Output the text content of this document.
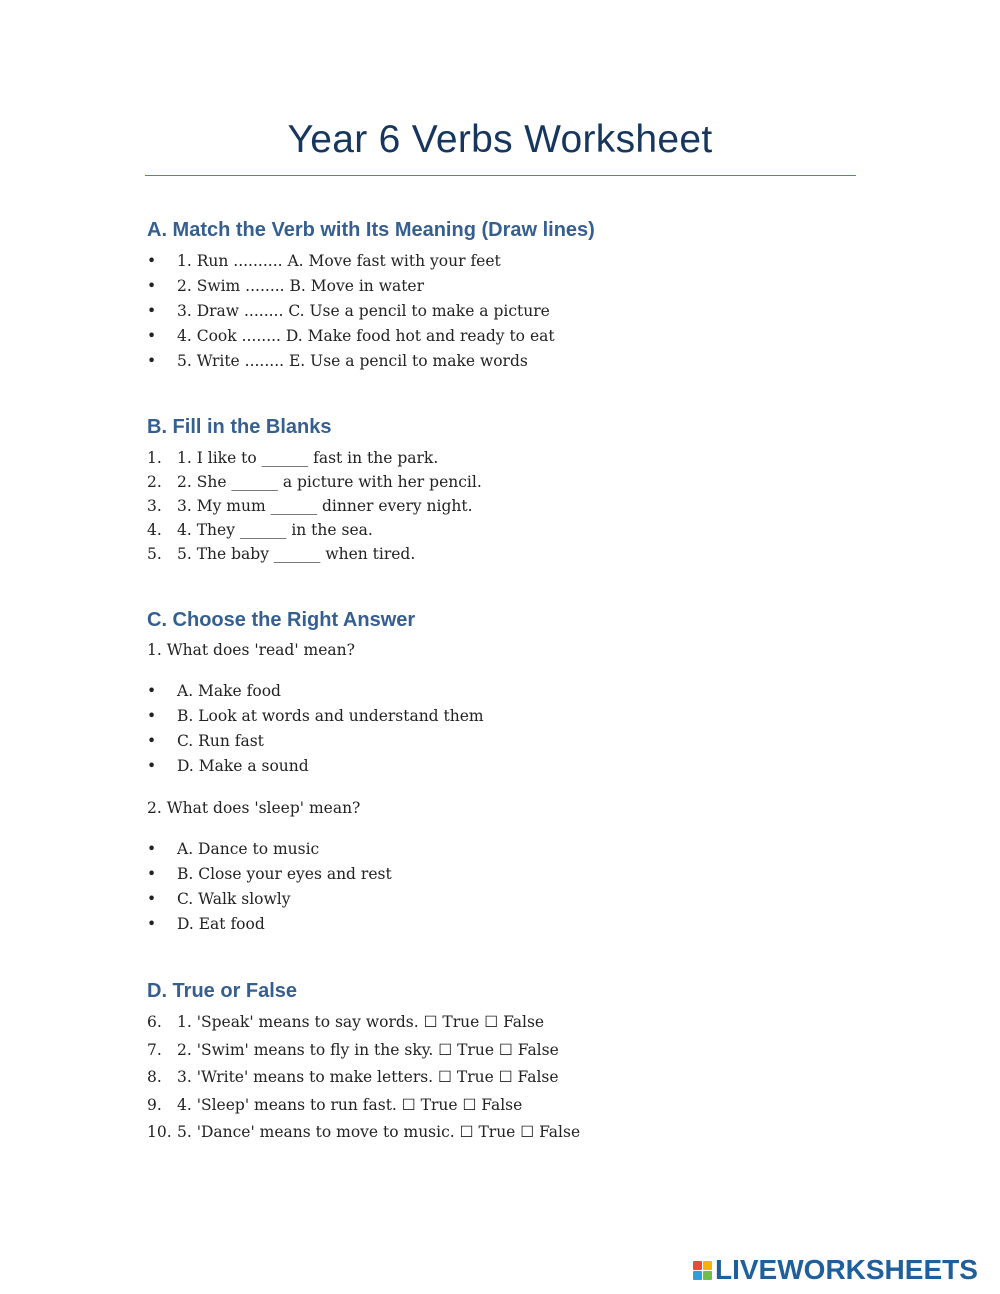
Year 6 Verbs Worksheet
A. Match the Verb with Its Meaning (Draw lines)
•	1. Run .......... A. Move fast with your feet
•	2. Swim ........ B. Move in water
•	3. Draw ........ C. Use a pencil to make a picture
•	4. Cook ........ D. Make food hot and ready to eat
•	5. Write ........ E. Use a pencil to make words
B. Fill in the Blanks
1. 1. I like to ______ fast in the park.
2. 2. She ______ a picture with her pencil.
3. 3. My mum ______ dinner every night.
4. 4. They ______ in the sea.
5. 5. The baby ______ when tired.
C. Choose the Right Answer
1. What does 'read' mean?
•	A. Make food
•	B. Look at words and understand them
•	C. Run fast
•	D. Make a sound
2. What does 'sleep' mean?
•	A. Dance to music
•	B. Close your eyes and rest
•	C. Walk slowly
•	D. Eat food
D. True or False
6. 1. 'Speak' means to say words. ☐ True ☐ False
7. 2. 'Swim' means to fly in the sky. ☐ True ☐ False
8. 3. 'Write' means to make letters. ☐ True ☐ False
9. 4. 'Sleep' means to run fast. ☐ True ☐ False
10. 5. 'Dance' means to move to music. ☐ True ☐ False
LIVEWORKSHEETS
